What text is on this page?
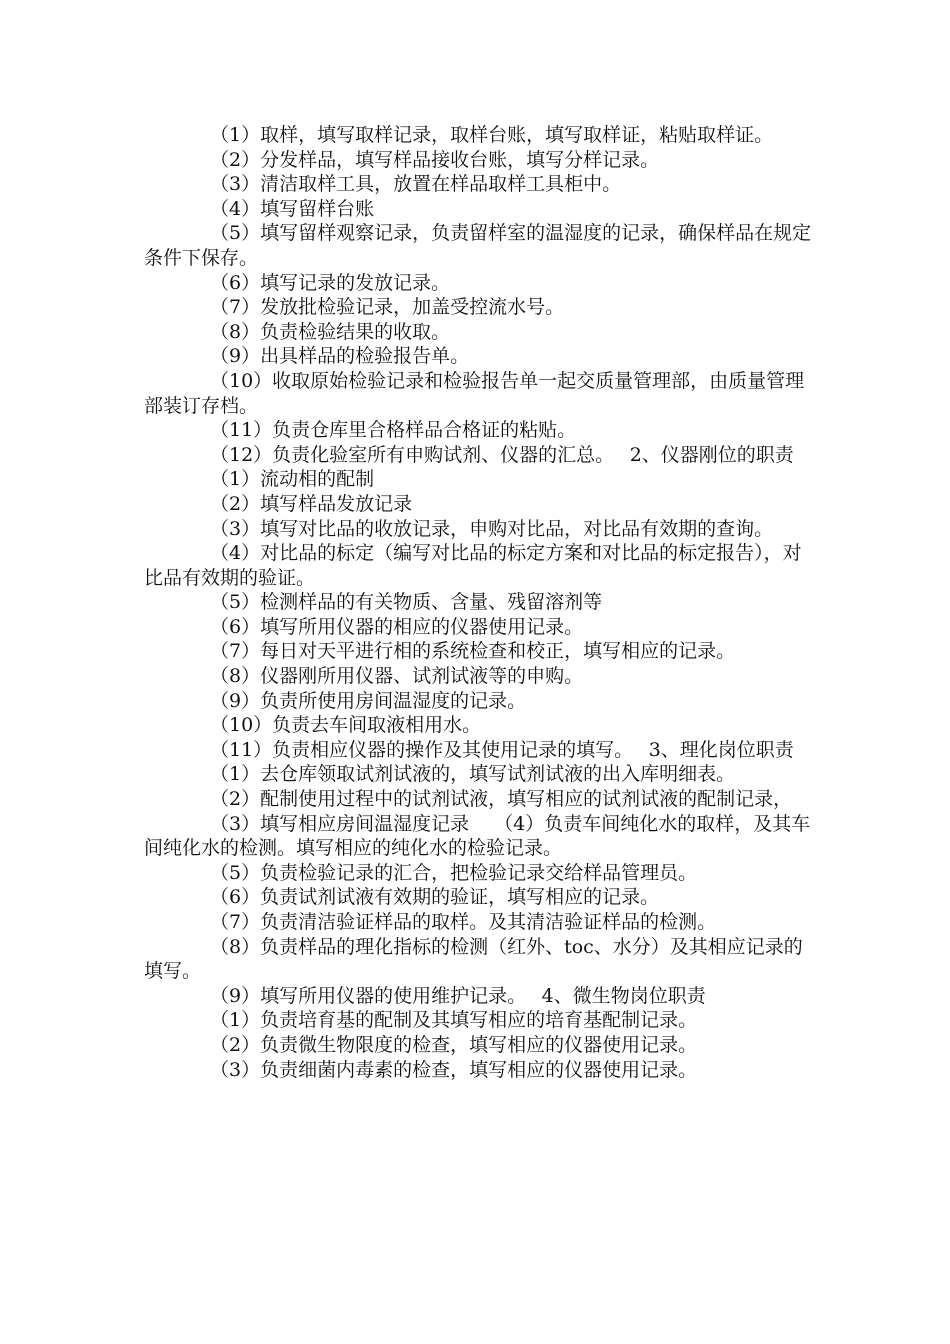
（1）取样，填写取样记录，取样台账，填写取样证，粘贴取样证。

（2）分发样品，填写样品接收台账，填写分样记录。

（3）清洁取样工具，放置在样品取样工具柜中。

（4）填写留样台账

（5）填写留样观察记录，负责留样室的温湿度的记录，确保样品在规定条件下保存。

（6）填写记录的发放记录。

（7）发放批检验记录，加盖受控流水号。

（8）负责检验结果的收取。

（9）出具样品的检验报告单。

（10）收取原始检验记录和检验报告单一起交质量管理部，由质量管理部装订存档。

（11）负责仓库里合格样品合格证的粘贴。

（12）负责化验室所有申购试剂、仪器的汇总。　 2、仪器刚位的职责

（1）流动相的配制

（2）填写样品发放记录

（3）填写对比品的收放记录，申购对比品，对比品有效期的查询。

（4）对比品的标定（编写对比品的标定方案和对比品的标定报告），对比品有效期的验证。

（5）检测样品的有关物质、含量、残留溶剂等

（6）填写所用仪器的相应的仪器使用记录。

（7）每日对天平进行相的系统检查和校正，填写相应的记录。

（8）仪器刚所用仪器、试剂试液等的申购。

（9）负责所使用房间温湿度的记录。

（10）负责去车间取液相用水。

（11）负责相应仪器的操作及其使用记录的填写。　 3、理化岗位职责

（1）去仓库领取试剂试液的，填写试剂试液的出入库明细表。

（2）配制使用过程中的试剂试液，填写相应的试剂试液的配制记录，

（3）填写相应房间温湿度记录　 （4）负责车间纯化水的取样，及其车间纯化水的检测。填写相应的纯化水的检验记录。

（5）负责检验记录的汇合，把检验记录交给样品管理员。

（6）负责试剂试液有效期的验证，填写相应的记录。

（7）负责清洁验证样品的取样。及其清洁验证样品的检测。

（8）负责样品的理化指标的检测（红外、toc、水分）及其相应记录的填写。

（9）填写所用仪器的使用维护记录。　 4、微生物岗位职责

（1）负责培育基的配制及其填写相应的培育基配制记录。

（2）负责微生物限度的检查，填写相应的仪器使用记录。

（3）负责细菌内毒素的检查，填写相应的仪器使用记录。
